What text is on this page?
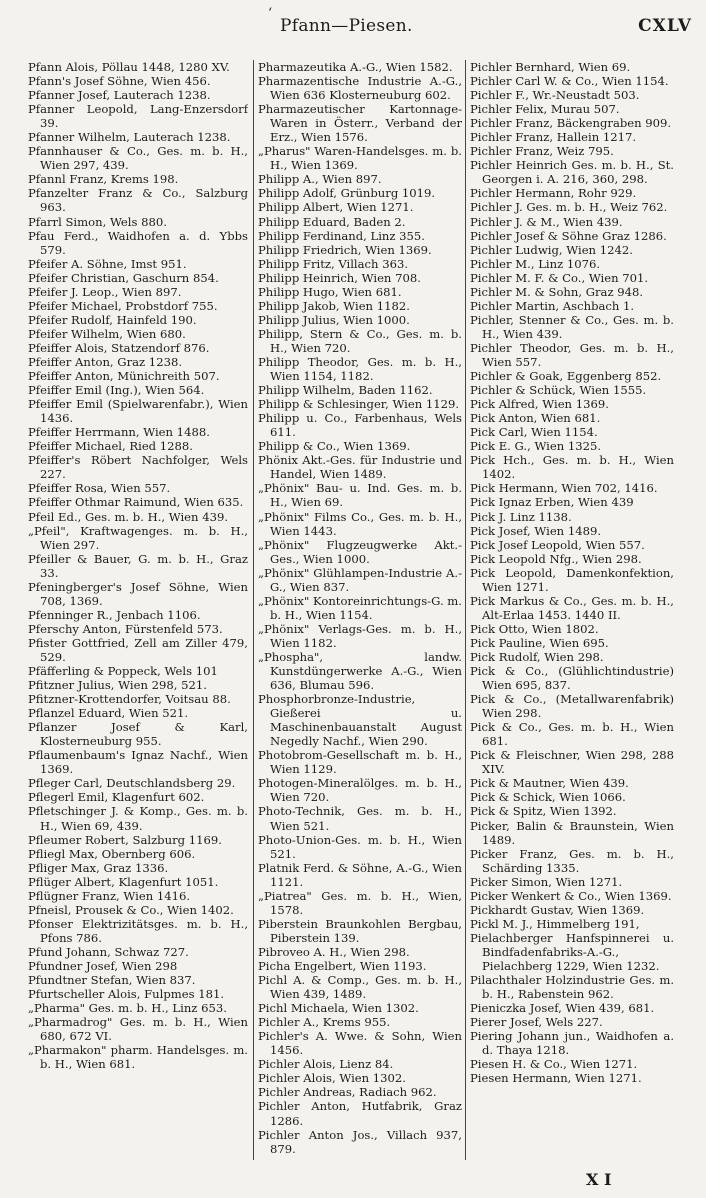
ʻ
Pfann—Piesen.	CXLV
Pfann Alois, Pöllau 1448, 1280 XV.
Pfann's Josef Söhne, Wien 456.
Pfanner Josef, Lauterach 1238.
Pfanner Leopold, Lang-Enzersdorf 39.
Pfanner Wilhelm, Lauterach 1238.
Pfannhauser & Co., Ges. m. b. H., Wien 297, 439.
Pfannl Franz, Krems 198.
Pfanzelter Franz & Co., Salzburg 963.
Pfarrl Simon, Wels 880.
Pfau Ferd., Waidhofen a. d. Ybbs 579.
Pfeifer A. Söhne, Imst 951.
Pfeifer Christian, Gaschurn 854.
Pfeifer J. Leop., Wien 897.
Pfeifer Michael, Probstdorf 755.
Pfeifer Rudolf, Hainfeld 190.
Pfeifer Wilhelm, Wien 680.
Pfeiffer Alois, Statzendorf 876.
Pfeiffer Anton, Graz 1238.
Pfeiffer Anton, Münichreith 507.
Pfeiffer Emil (Ing.), Wien 564.
Pfeiffer Emil (Spielwarenfabr.), Wien 1436.
Pfeiffer Herrmann, Wien 1488.
Pfeiffer Michael, Ried 1288.
Pfeiffer's Röbert Nachfolger, Wels 227.
Pfeiffer Rosa, Wien 557.
Pfeiffer Othmar Raimund, Wien 635.
Pfeil Ed., Ges. m. b. H., Wien 439.
„Pfeil", Kraftwagenges. m. b. H., Wien 297.
Pfeiller & Bauer, G. m. b. H., Graz 33.
Pfeningberger's Josef Söhne, Wien 708, 1369.
Pfenninger R., Jenbach 1106.
Pferschy Anton, Fürstenfeld 573.
Pfister Gottfried, Zell am Ziller 479, 529.
Pfäfferling & Poppeck, Wels 101
Pfitzner Julius, Wien 298, 521.
Pfitzner-Krottendorfer, Voitsau 88.
Pflanzel Eduard, Wien 521.
Pflanzer Josef & Karl, Klosterneuburg 955.
Pflaumenbaum's Ignaz Nachf., Wien 1369.
Pfleger Carl, Deutschlandsberg 29.
Pflegerl Emil, Klagenfurt 602.
Pfletschinger J. & Komp., Ges. m. b. H., Wien 69, 439.
Pfleumer Robert, Salzburg 1169.
Pfliegl Max, Obernberg 606.
Pfliger Max, Graz 1336.
Pflüger Albert, Klagenfurt 1051.
Pflügner Franz, Wien 1416.
Pfneisl, Prousek & Co., Wien 1402.
Pfonser Elektrizitätsges. m. b. H., Pfons 786.
Pfund Johann, Schwaz 727.
Pfundner Josef, Wien 298
Pfundtner Stefan, Wien 837.
Pfurtscheller Alois, Fulpmes 181.
„Pharma" Ges. m. b. H., Linz 653.
„Pharmadrog" Ges. m. b. H., Wien 680, 672 VI.
„Pharmakon" pharm. Handelsges. m. b. H., Wien 681.
Pharmazeutika A.-G., Wien 1582.
Pharmazentische Industrie A.-G., Wien 636 Klosterneuburg 602.
Pharmazeutischer Kartonnage-Waren in Österr., Verband der Erz., Wien 1576.
„Pharus" Waren-Handelsges. m. b. H., Wien 1369.
Philipp A., Wien 897.
Philipp Adolf, Grünburg 1019.
Philipp Albert, Wien 1271.
Philipp Eduard, Baden 2.
Philipp Ferdinand, Linz 355.
Philipp Friedrich, Wien 1369.
Philipp Fritz, Villach 363.
Philipp Heinrich, Wien 708.
Philipp Hugo, Wien 681.
Philipp Jakob, Wien 1182.
Philipp Julius, Wien 1000.
Philipp, Stern & Co., Ges. m. b. H., Wien 720.
Philipp Theodor, Ges. m. b. H., Wien 1154, 1182.
Philipp Wilhelm, Baden 1162.
Philipp & Schlesinger, Wien 1129.
Philipp u. Co., Farbenhaus, Wels 611.
Philipp & Co., Wien 1369.
Phönix Akt.-Ges. für Industrie und Handel, Wien 1489.
„Phönix" Bau- u. Ind. Ges. m. b. H., Wien 69.
„Phönix" Films Co., Ges. m. b. H., Wien 1443.
„Phönix" Flugzeugwerke Akt.-Ges., Wien 1000.
„Phönix" Glühlampen-Industrie A.-G., Wien 837.
„Phönix" Kontoreinrichtungs-G. m. b. H., Wien 1154.
„Phönix" Verlags-Ges. m. b. H., Wien 1182.
„Phospha", landw. Kunstdüngerwerke A.-G., Wien 636, Blumau 596.
Phosphorbronze-Industrie, Gießerei u. Maschinenbauanstalt August Negedly Nachf., Wien 290.
Photobrom-Gesellschaft m. b. H., Wien 1129.
Photogen-Mineralölges. m. b. H., Wien 720.
Photo-Technik, Ges. m. b. H., Wien 521.
Photo-Union-Ges. m. b. H., Wien 521.
Platnik Ferd. & Söhne, A.-G., Wien 1121.
„Piatrea" Ges. m. b. H., Wien, 1578.
Piberstein Braunkohlen Bergbau, Piberstein 139.
Pibroveo A. H., Wien 298.
Picha Engelbert, Wien 1193.
Pichl A. & Comp., Ges. m. b. H., Wien 439, 1489.
Pichl Michaela, Wien 1302.
Pichler A., Krems 955.
Pichler's A. Wwe. & Sohn, Wien 1456.
Pichler Alois, Lienz 84.
Pichler Alois, Wien 1302.
Pichler Andreas, Radiach 962.
Pichler Anton, Hutfabrik, Graz 1286.
Pichler Anton Jos., Villach 937, 879.
Pichler Bernhard, Wien 69.
Pichler Carl W. & Co., Wien 1154.
Pichler F., Wr.-Neustadt 503.
Pichler Felix, Murau 507.
Pichler Franz, Bäckengraben 909.
Pichler Franz, Hallein 1217.
Pichler Franz, Weiz 795.
Pichler Heinrich Ges. m. b. H., St. Georgen i. A. 216, 360, 298.
Pichler Hermann, Rohr 929.
Pichler J. Ges. m. b. H., Weiz 762.
Pichler J. & M., Wien 439.
Pichler Josef & Söhne Graz 1286.
Pichler Ludwig, Wien 1242.
Pichler M., Linz 1076.
Pichler M. F. & Co., Wien 701.
Pichler M. & Sohn, Graz 948.
Pichler Martin, Aschbach 1.
Pichler, Stenner & Co., Ges. m. b. H., Wien 439.
Pichler Theodor, Ges. m. b. H., Wien 557.
Pichler & Goak, Eggenberg 852.
Pichler & Schück, Wien 1555.
Pick Alfred, Wien 1369.
Pick Anton, Wien 681.
Pick Carl, Wien 1154.
Pick E. G., Wien 1325.
Pick Hch., Ges. m. b. H., Wien 1402.
Pick Hermann, Wien 702, 1416.
Pick Ignaz Erben, Wien 439
Pick J. Linz 1138.
Pick Josef, Wien 1489.
Pick Josef Leopold, Wien 557.
Pick Leopold Nfg., Wien 298.
Pick Leopold, Damenkonfektion, Wien 1271.
Pick Markus & Co., Ges. m. b. H., Alt-Erlaa 1453. 1440 II.
Pick Otto, Wien 1802.
Pick Pauline, Wien 695.
Pick Rudolf, Wien 298.
Pick & Co., (Glühlichtindustrie) Wien 695, 837.
Pick & Co., (Metallwarenfabrik) Wien 298.
Pick & Co., Ges. m. b. H., Wien 681.
Pick & Fleischner, Wien 298, 288 XIV.
Pick & Mautner, Wien 439.
Pick & Schick, Wien 1066.
Pick & Spitz, Wien 1392.
Picker, Balin & Braunstein, Wien 1489.
Picker Franz, Ges. m. b. H., Schärding 1335.
Picker Simon, Wien 1271.
Picker Wenkert & Co., Wien 1369.
Pickhardt Gustav, Wien 1369.
Pickl M. J., Himmelberg 191,
Pielachberger Hanfspinnerei u. Bindfadenfabriks-A.-G., Pielachberg 1229, Wien 1232.
Pilachthaler Holzindustrie Ges. m. b. H., Rabenstein 962.
Pieniczka Josef, Wien 439, 681.
Pierer Josef, Wels 227.
Piering Johann jun., Waidhofen a. d. Thaya 1218.
Piesen H. & Co., Wien 1271.
Piesen Hermann, Wien 1271.
X I
